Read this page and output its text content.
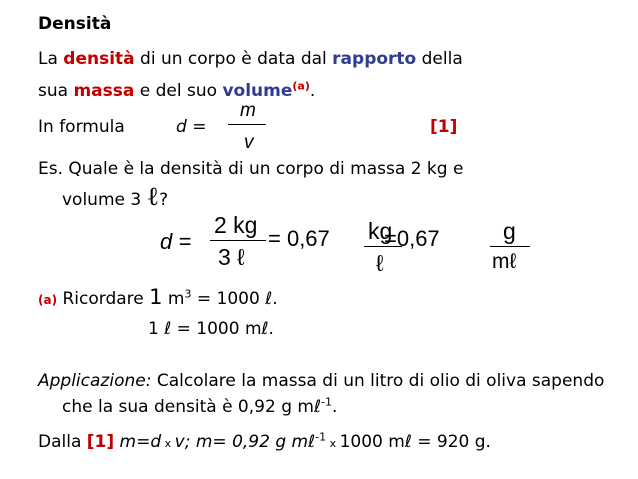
Densità
La densità di un corpo è data dal rapporto della
sua massa e del suo volume$^{(a)}$.
In formula	d =
m
v
[1]
Es. Quale è la densità di un corpo di massa 2 kg e
volume 3 ℓ?
d =
2 kg
3 ℓ
= 0,67 kg
ℓ
=0,67	g
mℓ
(a) Ricordare 1 $m^3 = 1000$ ℓ.
1 ℓ = 1000 mℓ.
Applicazione: Calcolare la massa di un litro di olio di oliva sapendo
che la sua densità è 0,92 g mℓ$^{-1}$.
Dalla [1] m=d x v; m= 0,92 g mℓ$^{-1}$ x 1000 mℓ = 920 g.
